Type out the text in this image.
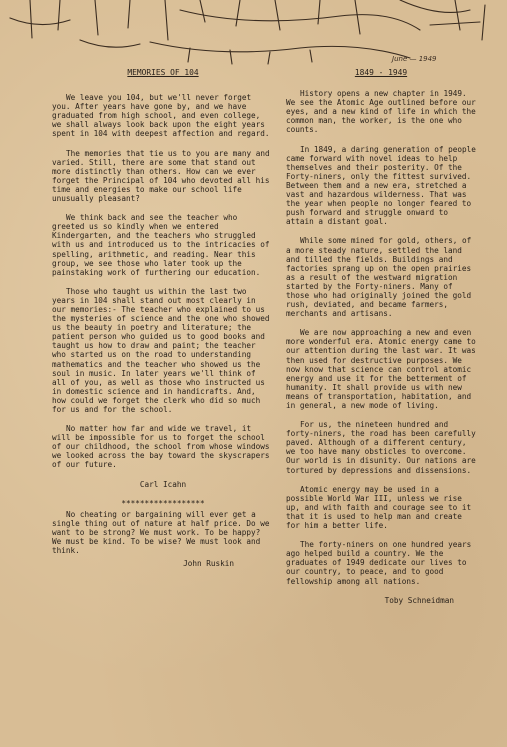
June — 1949
MEMORIES OF 104

We leave you 104, but we'll never forget you. After years have gone by, and we have graduated from high school, and even college, we shall always look back upon the eight years spent in 104 with deepest affection and regard.

The memories that tie us to you are many and varied. Still, there are some that stand out more distinctly than others. How can we ever forget the Principal of 104 who devoted all his time and energies to make our school life unusually pleasant?

We think back and see the teacher who greeted us so kindly when we entered Kindergarten, and the teachers who struggled with us and introduced us to the intricacies of spelling, arithmetic, and reading. Near this group, we see those who later took up the painstaking work of furthering our education.

Those who taught us within the last two years in 104 shall stand out most clearly in our memories:- The teacher who explained to us the mysteries of science and the one who showed us the beauty in poetry and literature; the patient person who guided us to good books and taught us how to draw and paint; the teacher who started us on the road to understanding mathematics and the teacher who showed us the soul in music. In later years we'll think of all of you, as well as those who instructed us in domestic science and in handicrafts. And, how could we forget the clerk who did so much for us and for the school.

No matter how far and wide we travel, it will be impossible for us to forget the school of our childhood, the school from whose windows we looked across the bay toward the skyscrapers of our future.

Carl Icahn
******************

No cheating or bargaining will ever get a single thing out of nature at half price. Do we want to be strong? We must work. To be happy? We must be kind. To be wise? We must look and think.

John Ruskin
1849 - 1949

History opens a new chapter in 1949. We see the Atomic Age outlined before our eyes, and a new kind of life in which the common man, the worker, is the one who counts.

In 1849, a daring generation of people came forward with novel ideas to help themselves and their posterity. Of the Forty-niners, only the fittest survived. Between them and a new era, stretched a vast and hazardous wilderness. That was the year when people no longer feared to push forward and struggle onward to attain a distant goal.

While some mined for gold, others, of a more steady nature, settled the land and tilled the fields. Buildings and factories sprang up on the open prairies as a result of the westward migration started by the Forty-niners. Many of those who had originally joined the gold rush, deviated, and became farmers, merchants and artisans.

We are now approaching a new and even more wonderful era. Atomic energy came to our attention during the last war. It was then used for destructive purposes. We now know that science can control atomic energy and use it for the betterment of humanity. It shall provide us with new means of transportation, habitation, and in general, a new mode of living.

For us, the nineteen hundred and forty-niners, the road has been carefully paved. Although of a different century, we too have many obsticles to overcome. Our world is in disunity. Our nations are tortured by depressions and dissensions.

Atomic energy may be used in a possible World War III, unless we rise up, and with faith and courage see to it that it is used to help man and create for him a better life.

The forty-niners on one hundred years ago helped build a country. We the graduates of 1949 dedicate our lives to our country, to peace, and to good fellowship among all nations.

Toby Schneidman
